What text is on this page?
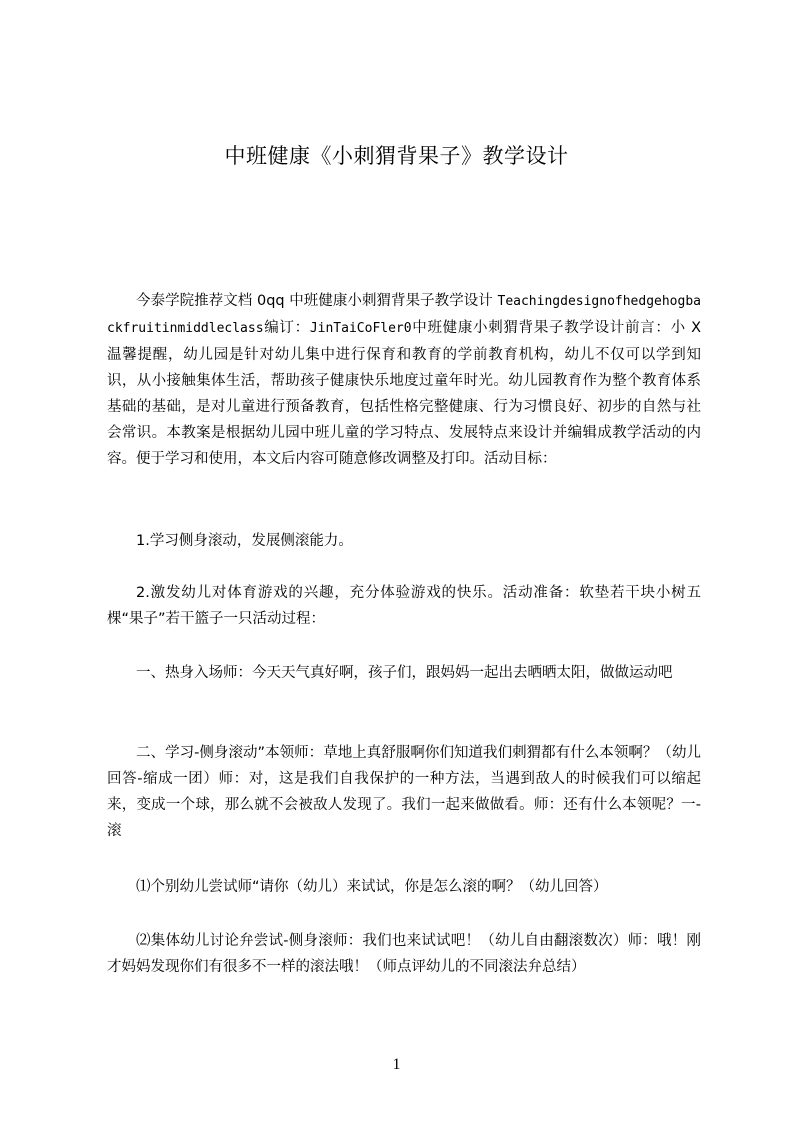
中班健康《小刺猬背果子》教学设计

今泰学院推荐文档 0qq 中班健康小刺猬背果子教学设计 Teachingdesignofhedgehogbackfruitinmiddleclass编订：JinTaiCoFler0中班健康小刺猬背果子教学设计前言：小 X 温馨提醒，幼儿园是针对幼儿集中进行保育和教育的学前教育机构，幼儿不仅可以学到知识，从小接触集体生活，帮助孩子健康快乐地度过童年时光。幼儿园教育作为整个教育体系基础的基础，是对儿童进行预备教育，包括性格完整健康、行为习惯良好、初步的自然与社会常识。本教案是根据幼儿园中班儿童的学习特点、发展特点来设计并编辑成教学活动的内容。便于学习和使用，本文后内容可随意修改调整及打印。活动目标：

1.学习侧身滚动，发展侧滚能力。

2.激发幼儿对体育游戏的兴趣，充分体验游戏的快乐。活动准备：软垫若干块小树五棵“果子”若干篮子一只活动过程：

一、热身入场师：今天天气真好啊，孩子们，跟妈妈一起出去晒晒太阳，做做运动吧

二、学习-侧身滚动”本领师：草地上真舒服啊你们知道我们刺猬都有什么本领啊？（幼儿回答-缩成一团）师：对，这是我们自我保护的一种方法，当遇到敌人的时候我们可以缩起来，变成一个球，那么就不会被敌人发现了。我们一起来做做看。师：还有什么本领呢？一-滚

⑴个别幼儿尝试师“请你（幼儿）来试试，你是怎么滚的啊？（幼儿回答）

⑵集体幼儿讨论弁尝试-侧身滚师：我们也来试试吧！（幼儿自由翻滚数次）师：哦！刚才妈妈发现你们有很多不一样的滚法哦！（师点评幼儿的不同滚法弁总结）

1
